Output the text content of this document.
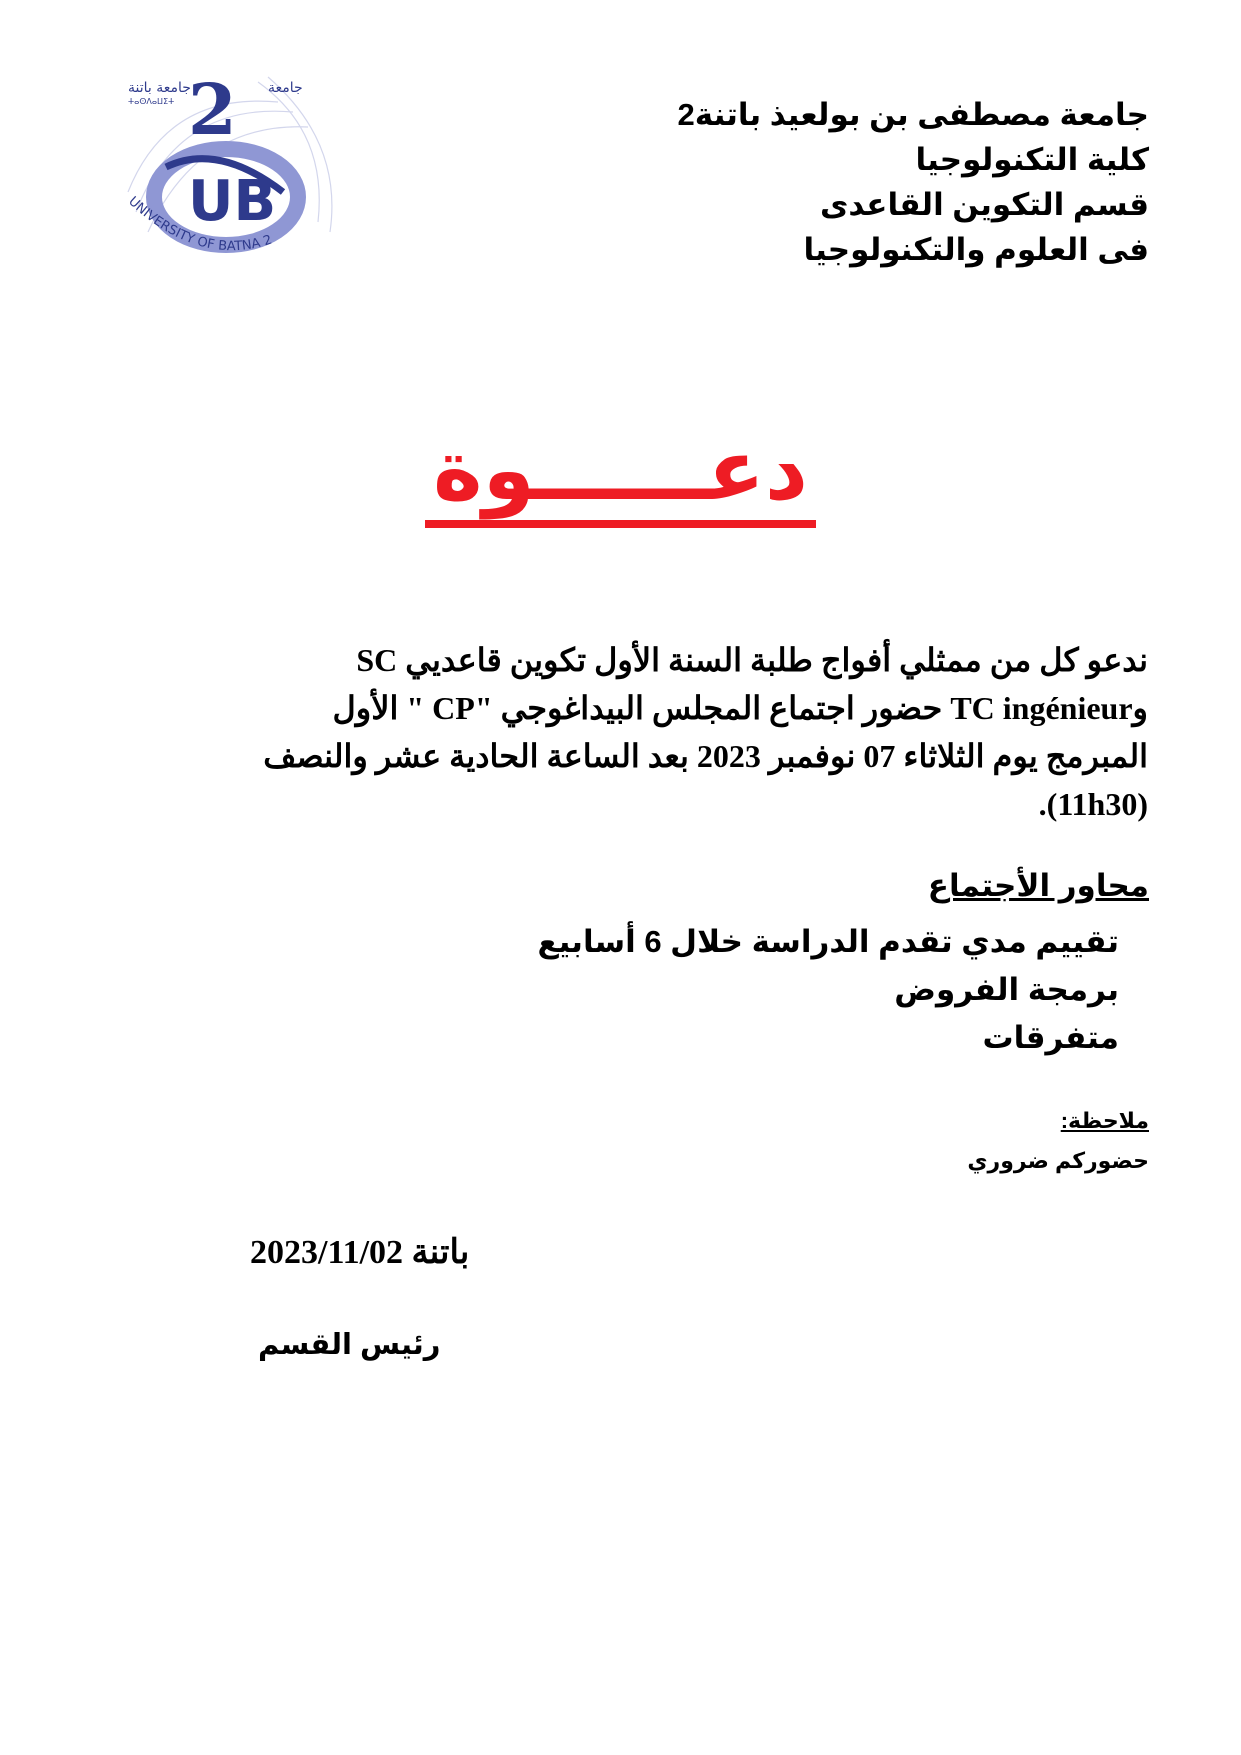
جامعة باتنة	جامعة
ⵜⴰⵙⴷⴰⵡⵉⵜ 2
UB
UNIVERSITY OF BATNA 2
جامعة مصطفى بن بولعيذ باتنة2
كلية التكنولوجيا
قسم التكوين القاعدى
فى العلوم والتكنولوجيا
دعــــــوة
ندعو كل من ممثلي أفواج طلبة السنة الأول تكوين قاعديي SC
وTC ingénieur حضور اجتماع المجلس البيداغوجي "CP " الأول
المبرمج يوم الثلاثاء 07 نوفمبر 2023 بعد الساعة الحادية عشر والنصف
(11h30).
محاور الأجتماع
تقييم مدي تقدم الدراسة خلال 6 أسابيع
برمجة الفروض
متفرقات
ملاحظة:
حضوركم ضروري
باتنة 2023/11/02
رئيس القسم
